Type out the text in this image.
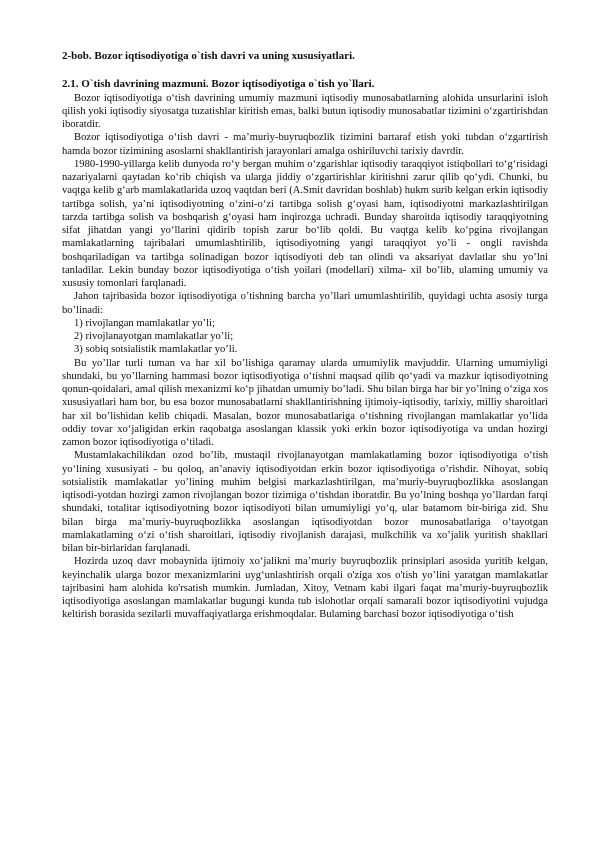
2-bob. Bozor iqtisodiyotiga o`tish davri va uning xususiyatlari.
2.1. O`tish davrining mazmuni. Bozor iqtisodiyotiga o`tish yo`llari.

Bozor iqtisodiyotiga o‘tish davrining umumiy mazmuni iqtisodiy munosabatlarning alohida unsurlarini isloh qilish yoki iqtisodiy siyosatga tuzatishlar kiritish emas, balki butun iqtisodiy munosabatlar tizimini o‘zgartirishdan iboratdir.

Bozor iqtisodiyotiga o‘tish davri - ma’muriy-buyruqbozlik tizimini bartaraf etish yoki tubdan o‘zgartirish hamda bozor tizimining asoslarni shakllantirish jarayonlari amalga oshiriluvchi tarixiy davrdir.

1980-1990-yillarga kelib dunyoda ro‘y bergan muhim o‘zgarishlar iqtisodiy taraqqiyot istiqbollari to‘g‘risidagi nazariyalarni qaytadan ko‘rib chiqish va ularga jiddiy o‘zgartirishlar kiritishni zarur qilib qo‘ydi. Chunki, bu vaqtga kelib g‘arb mamlakatlarida uzoq vaqtdan beri (A.Smit davridan boshlab) hukm surib kelgan erkin iqtisodiy tartibga solish, ya’ni iqtisodiyotning o‘zini-o‘zi tartibga solish g‘oyasi ham, iqtisodiyotni markazlashtirilgan tarzda tartibga solish va boshqarish g‘oyasi ham inqirozga uchradi. Bunday sharoitda iqtisodiy taraqqiyotning sifat jihatdan yangi yo‘llarini qidirib topish zarur bo‘lib qoldi. Bu vaqtga kelib ko‘pgina rivojlangan mamlakatlarning tajribalari umumlashtirilib, iqtisodiyotning yangi taraqqiyot yo’li - ongli ravishda boshqariladigan va tartibga solinadigan bozor iqtisodiyoti deb tan olindi va aksariyat davlatlar shu yo’lni tanladilar. Lekin bunday bozor iqtisodiyotiga o‘tish yoilari (modellari) xilma- xil bo’lib, ulaming umumiy va xususiy tomonlari farqlanadi.

Jahon tajribasida bozor iqtisodiyotiga o’tishning barcha yo’llari umumlashtirilib, quyidagi uchta asosiy turga bo’linadi:

1) rivojlangan mamlakatlar yo’li;
2) rivojlanayotgan mamlakatlar yo’li;
3) sobiq sotsialistik mamlakatlar yo’li.

Bu yo’llar turli tuman va har xil bo’lishiga qaramay ularda umumiylik mavjuddir. Ularning umumiyligi shundaki, bu yo’llarning hammasi bozor iqtisodiyotiga o‘tishni maqsad qilib qo‘yadi va mazkur iqtisodiyotning qonun-qoidalari, amal qilish mexanizmi ko‘p jihatdan umumiy bo’ladi. Shu bilan birga har bir yo’lning o‘ziga xos xususiyatlari ham bor, bu esa bozor munosabatlarni shakllantirishning ijtimoiy-iqtisodiy, tarixiy, milliy sharoitlari har xil bo’lishidan kelib chiqadi. Masalan, bozor munosabatlariga o‘tishning rivojlangan mamlakatlar yo’lida oddiy tovar xo‘jaligidan erkin raqobatga asoslangan klassik yoki erkin bozor iqtisodiyotiga va undan hozirgi zamon bozor iqtisodiyotiga o‘tiladi.

Mustamlakachilikdan ozod bo’lib, mustaqil rivojlanayotgan mamlakatlaming bozor iqtisodiyotiga o‘tish yo‘lining xususiyati - bu qoloq, an’anaviy iqtisodiyotdan erkin bozor iqtisodiyotiga o’rishdir. Nihoyat, sobiq sotsialistik mamlakatlar yo’lining muhim belgisi markazlashtirilgan, ma’muriy-buyruqbozlikka asoslangan iqtisodi-yotdan hozirgi zamon rivojlangan bozor tizimiga o‘tishdan iboratdir. Bu yo’lning boshqa yo’llardan farqi shundaki, totalitar iqtisodiyotning bozor iqtisodiyoti bilan umumiyligi yo‘q, ular batamom bir-biriga zid. Shu bilan birga ma’muriy-buyruqbozlikka asoslangan iqtisodiyotdan bozor munosabatlariga o‘tayotgan mamlakatlaming o‘zi o‘tish sharoitlari, iqtisodiy rivojlanish darajasi, mulkchilik va xo’jalik yuritish shakllari bilan bir-birlaridan farqlanadi.

Hozirda uzoq davr mobaynida ijtimoiy xo‘jalikni ma’muriy buyruqbozlik prinsiplari asosida yuritib kelgan, keyinchalik ularga bozor mexanizmlarini uyg‘unlashtirish orqali o'ziga xos o'tish yo’lini yaratgan mamlakatlar tajribasini ham alohida ko'rsatish mumkin. Jumladan, Xitoy, Vetnam kabi ilgari faqat ma’muriy-buyruqbozlik iqtisodiyotiga asoslangan mamlakatlar bugungi kunda tub islohotlar orqali samarali bozor iqtisodiyotini vujudga keltirish borasida sezilarli muvaffaqiyatlarga erishmoqdalar. Bulaming barchasi bozor iqtisodiyotiga o‘tish
